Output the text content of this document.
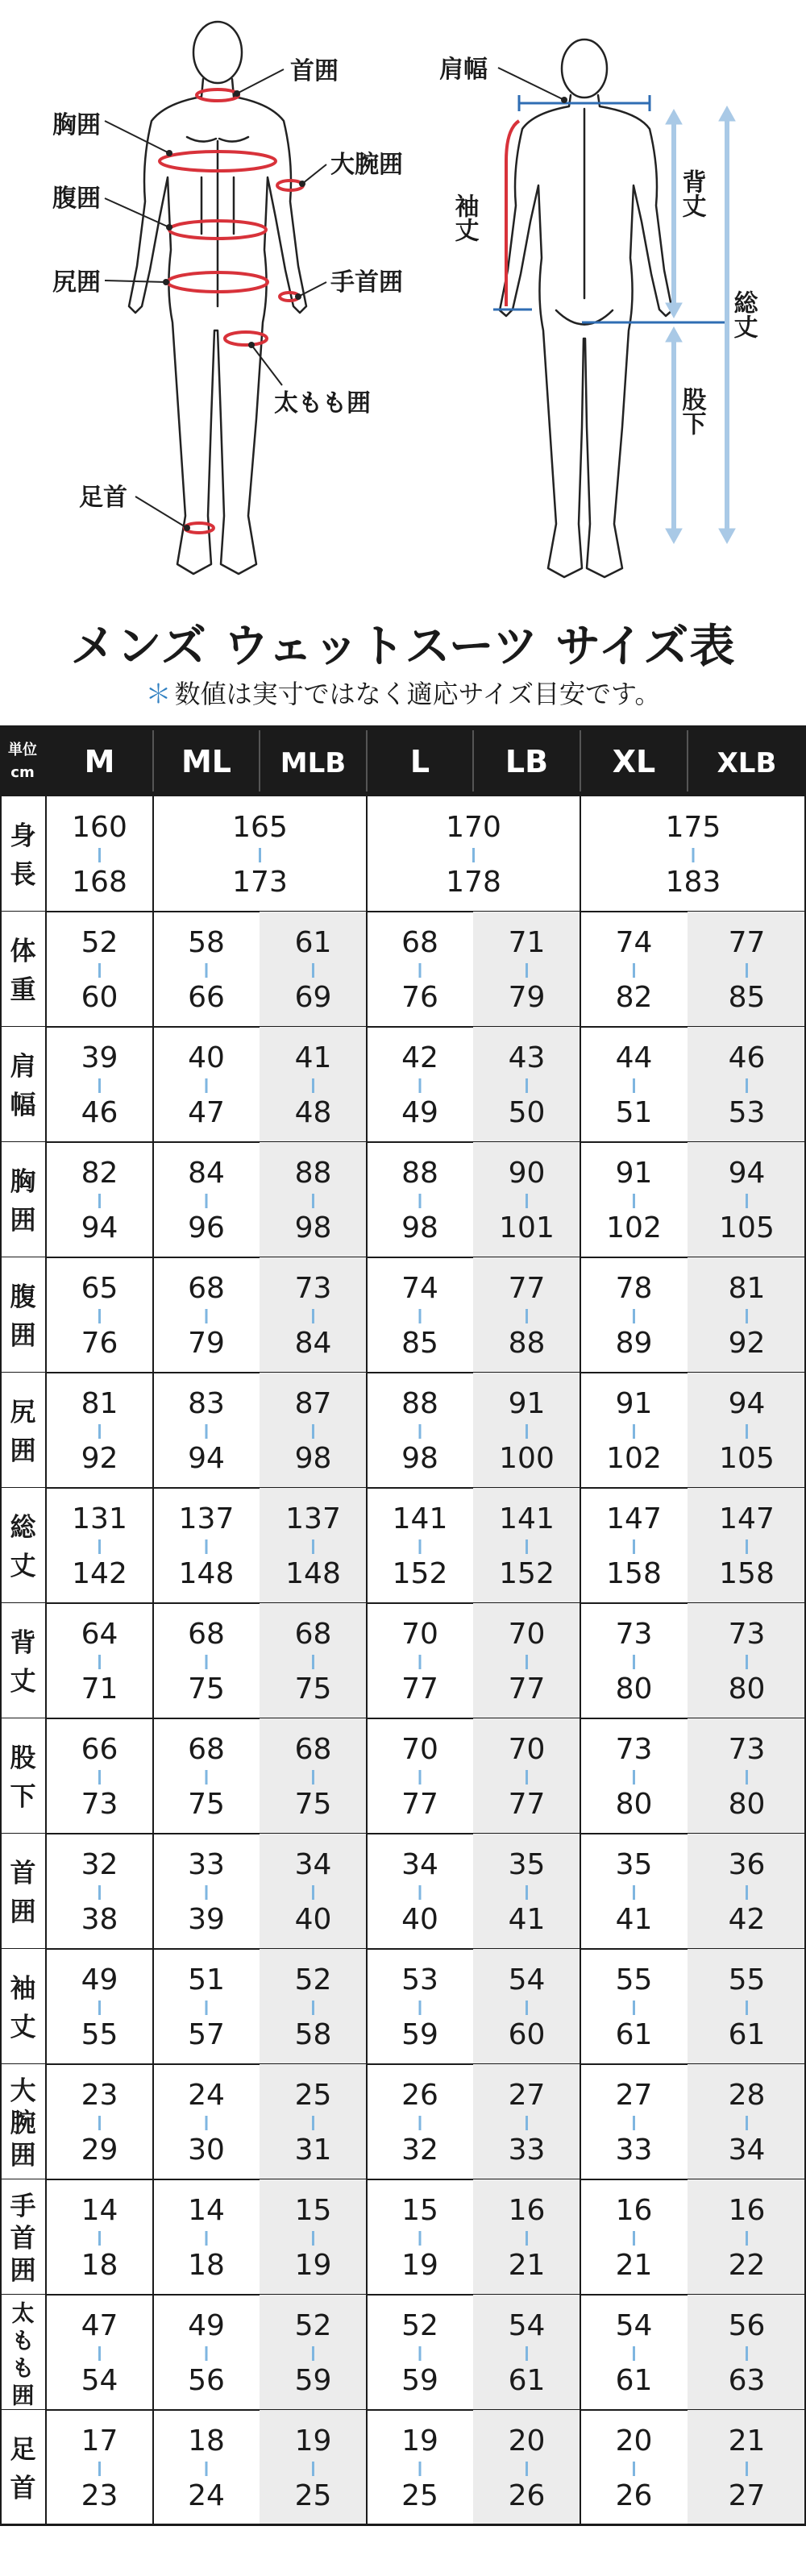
首囲
胸囲
大腕囲
腹囲
尻囲	手首囲
太もも囲
足首
肩幅
袖丈	背丈
総丈
股下
メンズ ウェットスーツ サイズ表
＊ 数値は実寸ではなく適応サイズ目安です。
単位
cm M ML MLB L LB XL XLB
身
長
160
168
165
173
170
178
175
183
体
重
52
60
58
66
61
69
68
76
71
79
74
82
77
85
肩
幅
39
46
40
47
41
48
42
49
43
50
44
51
46
53
胸
囲
82
94
84
96
88
98
88
98
90
101
91
102
94
105
腹
囲
65
76
68
79
73
84
74
85
77
88
78
89
81
92
尻
囲
81
92
83
94
87
98
88
98
91
100
91
102
94
105
総
丈
131
142
137
148
137
148
141
152
141
152
147
158
147
158
背
丈
64
71
68
75
68
75
70
77
70
77
73
80
73
80
股
下
66
73
68
75
68
75
70
77
70
77
73
80
73
80
首
囲
32
38
33
39
34
40
34
40
35
41
35
41
36
42
袖
丈
49
55
51
57
52
58
53
59
54
60
55
61
55
61
大
腕
囲
23
29
24
30
25
31
26
32
27
33
27
33
28
34
手
首
囲
14
18
14
18
15
19
15
19
16
21
16
21
16
22
太
も
も
囲
47
54
49
56
52
59
52
59
54
61
54
61
56
63
足
首
17
23
18
24
19
25
19
25
20
26
20
26
21
27
